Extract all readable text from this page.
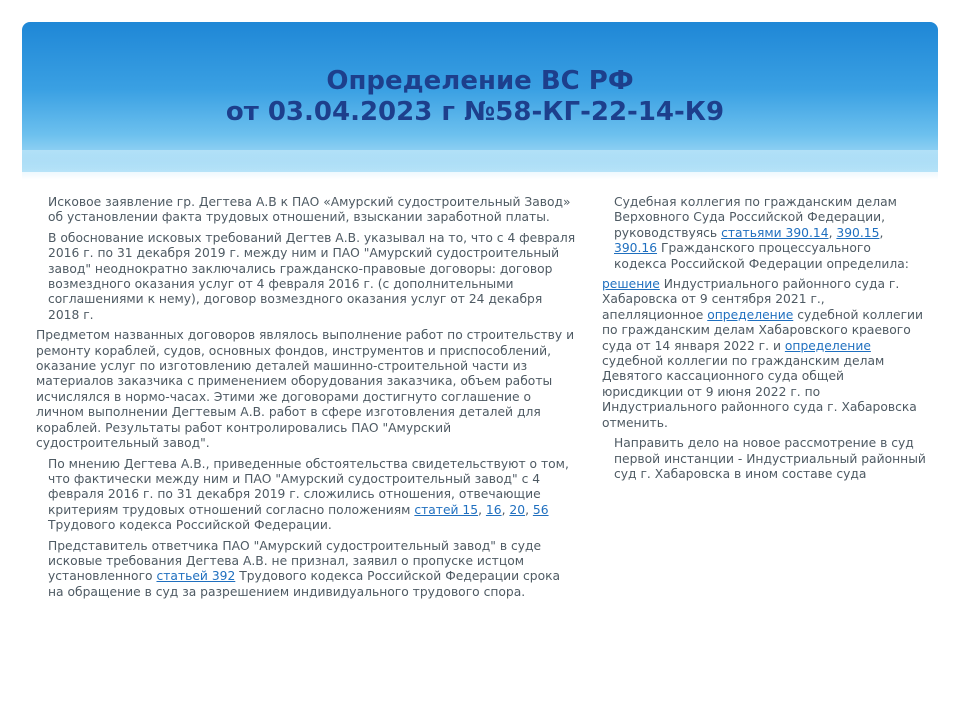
Определение ВС РФ
от 03.04.2023 г №58-КГ-22-14-К9

Исковое заявление гр. Дегтева А.В к ПАО «Амурский судостроительный Завод» об установлении факта трудовых отношений, взыскании заработной платы.

В обоснование исковых требований Дегтев А.В. указывал на то, что с 4 февраля 2016 г. по 31 декабря 2019 г. между ним и ПАО "Амурский судостроительный завод" неоднократно заключались гражданско-правовые договоры: договор возмездного оказания услуг от 4 февраля 2016 г. (с дополнительными соглашениями к нему), договор возмездного оказания услуг от 24 декабря 2018 г.

Предметом названных договоров являлось выполнение работ по строительству и ремонту кораблей, судов, основных фондов, инструментов и приспособлений, оказание услуг по изготовлению деталей машинно-строительной части из материалов заказчика с применением оборудования заказчика, объем работы исчислялся в нормо-часах. Этими же договорами достигнуто соглашение о личном выполнении Дегтевым А.В. работ в сфере изготовления деталей для кораблей. Результаты работ контролировались ПАО "Амурский судостроительный завод".

По мнению Дегтева А.В., приведенные обстоятельства свидетельствуют о том, что фактически между ним и ПАО "Амурский судостроительный завод" с 4 февраля 2016 г. по 31 декабря 2019 г. сложились отношения, отвечающие критериям трудовых отношений согласно положениям статей 15, 16, 20, 56 Трудового кодекса Российской Федерации.

Представитель ответчика ПАО "Амурский судостроительный завод" в суде исковые требования Дегтева А.В. не признал, заявил о пропуске истцом установленного статьей 392 Трудового кодекса Российской Федерации срока на обращение в суд за разрешением индивидуального трудового спора.

Судебная коллегия по гражданским делам Верховного Суда Российской Федерации, руководствуясь статьями 390.14, 390.15, 390.16 Гражданского процессуального кодекса Российской Федерации определила:

решение Индустриального районного суда г. Хабаровска от 9 сентября 2021 г., апелляционное определение судебной коллегии по гражданским делам Хабаровского краевого суда от 14 января 2022 г. и определение судебной коллегии по гражданским делам Девятого кассационного суда общей юрисдикции от 9 июня 2022 г. по Индустриального районного суда г. Хабаровска отменить.

Направить дело на новое рассмотрение в суд первой инстанции - Индустриальный районный суд г. Хабаровска в ином составе суда
